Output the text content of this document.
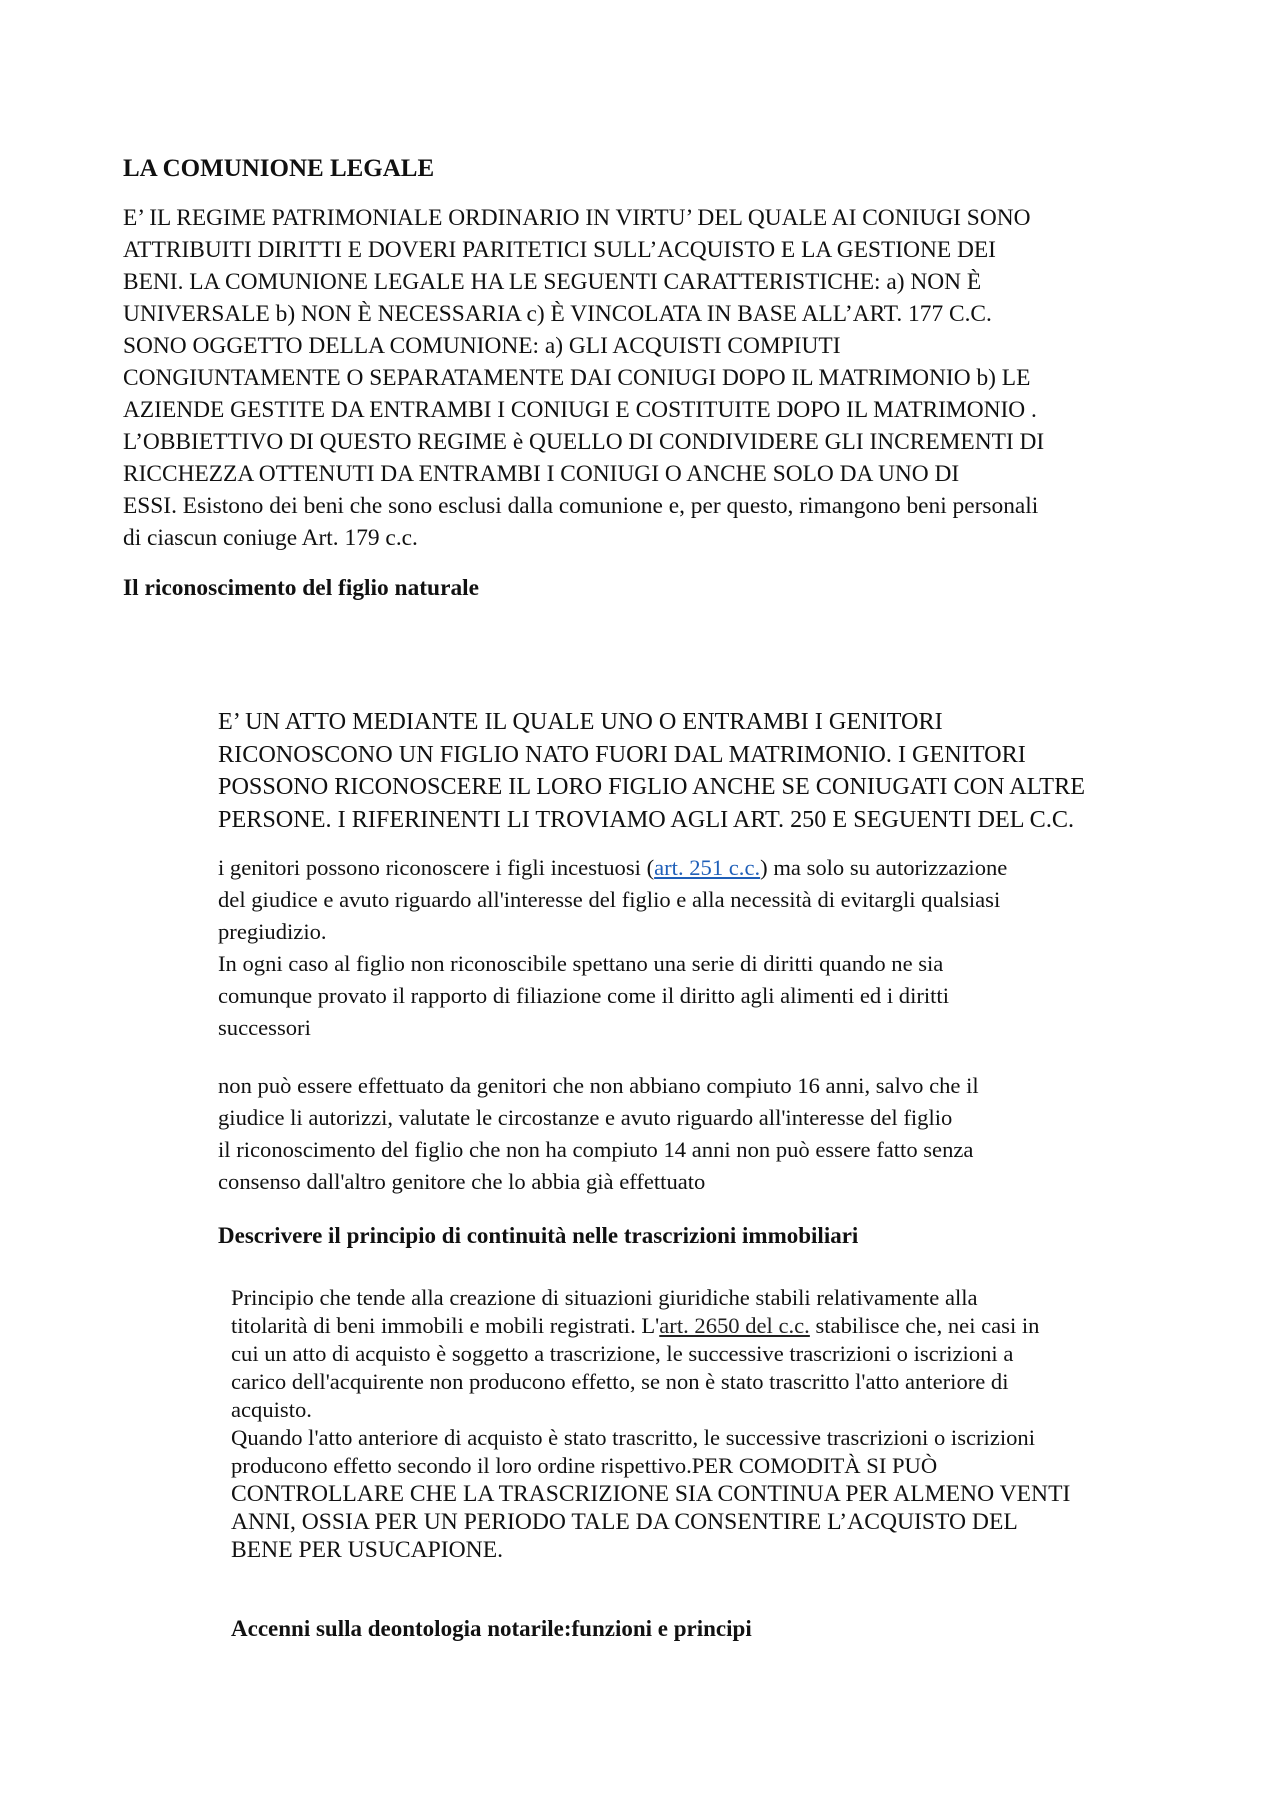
LA COMUNIONE LEGALE
E’ IL REGIME PATRIMONIALE ORDINARIO IN VIRTU’ DEL QUALE AI CONIUGI SONO
ATTRIBUITI DIRITTI E DOVERI PARITETICI SULL’ACQUISTO E LA GESTIONE DEI
BENI. LA COMUNIONE LEGALE HA LE SEGUENTI CARATTERISTICHE: a) NON È
UNIVERSALE b) NON È NECESSARIA c) È VINCOLATA IN BASE ALL’ART. 177 C.C.
SONO OGGETTO DELLA COMUNIONE: a) GLI ACQUISTI COMPIUTI
CONGIUNTAMENTE O SEPARATAMENTE DAI CONIUGI DOPO IL MATRIMONIO b) LE
AZIENDE GESTITE DA ENTRAMBI I CONIUGI E COSTITUITE DOPO IL MATRIMONIO .
L’OBBIETTIVO DI QUESTO REGIME è QUELLO DI CONDIVIDERE GLI INCREMENTI DI
RICCHEZZA OTTENUTI DA ENTRAMBI I CONIUGI O ANCHE SOLO DA UNO DI
ESSI. Esistono dei beni che sono esclusi dalla comunione e, per questo, rimangono beni personali
di ciascun coniuge Art. 179 c.c.
Il riconoscimento del figlio naturale
E’ UN ATTO MEDIANTE IL QUALE UNO O ENTRAMBI I GENITORI
RICONOSCONO UN FIGLIO NATO FUORI DAL MATRIMONIO. I GENITORI
POSSONO RICONOSCERE IL LORO FIGLIO ANCHE SE CONIUGATI CON ALTRE
PERSONE. I RIFERINENTI LI TROVIAMO AGLI ART. 250 E SEGUENTI DEL C.C.
i genitori possono riconoscere i figli incestuosi (art. 251 c.c.) ma solo su autorizzazione
del giudice e avuto riguardo all'interesse del figlio e alla necessità di evitargli qualsiasi
pregiudizio.
In ogni caso al figlio non riconoscibile spettano una serie di diritti quando ne sia
comunque provato il rapporto di filiazione come il diritto agli alimenti ed i diritti
successori
non può essere effettuato da genitori che non abbiano compiuto 16 anni, salvo che il
giudice li autorizzi, valutate le circostanze e avuto riguardo all'interesse del figlio
il riconoscimento del figlio che non ha compiuto 14 anni non può essere fatto senza
consenso dall'altro genitore che lo abbia già effettuato
Descrivere il principio di continuità nelle trascrizioni immobiliari
Principio che tende alla creazione di situazioni giuridiche stabili relativamente alla
titolarità di beni immobili e mobili registrati. L'art. 2650 del c.c. stabilisce che, nei casi in
cui un atto di acquisto è soggetto a trascrizione, le successive trascrizioni o iscrizioni a
carico dell'acquirente non producono effetto, se non è stato trascritto l'atto anteriore di
acquisto.
Quando l'atto anteriore di acquisto è stato trascritto, le successive trascrizioni o iscrizioni
producono effetto secondo il loro ordine rispettivo.PER COMODITÀ SI PUÒ
CONTROLLARE CHE LA TRASCRIZIONE SIA CONTINUA PER ALMENO VENTI
ANNI, OSSIA PER UN PERIODO TALE DA CONSENTIRE L’ACQUISTO DEL
BENE PER USUCAPIONE.
Accenni sulla deontologia notarile:funzioni e principi
